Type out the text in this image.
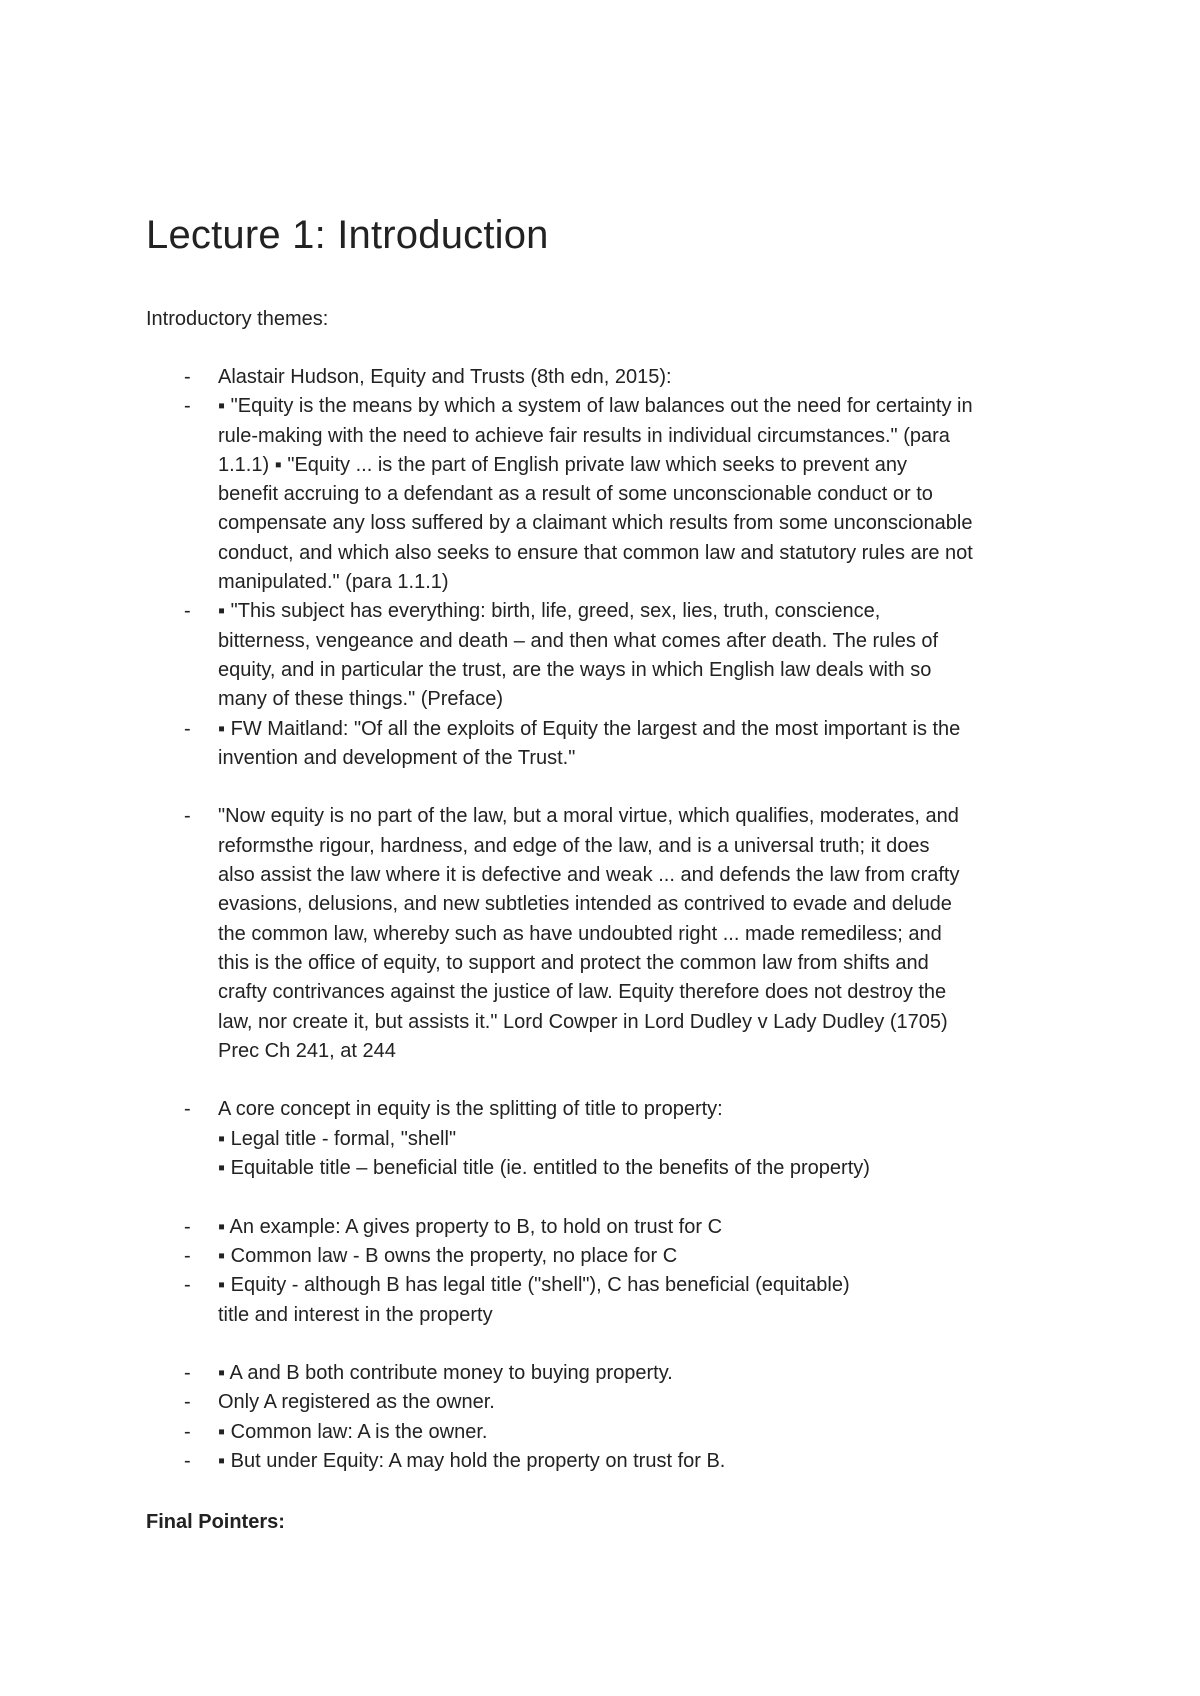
Lecture 1: Introduction

Introductory themes:

- Alastair Hudson, Equity and Trusts (8th edn, 2015):
- ▪ "Equity is the means by which a system of law balances out the need for certainty in
rule-making with the need to achieve fair results in individual circumstances." (para
1.1.1) ▪ "Equity ... is the part of English private law which seeks to prevent any
benefit accruing to a defendant as a result of some unconscionable conduct or to
compensate any loss suffered by a claimant which results from some unconscionable
conduct, and which also seeks to ensure that common law and statutory rules are not
manipulated." (para 1.1.1)
- ▪ "This subject has everything: birth, life, greed, sex, lies, truth, conscience,
bitterness, vengeance and death – and then what comes after death. The rules of
equity, and in particular the trust, are the ways in which English law deals with so
many of these things." (Preface)
- ▪ FW Maitland: "Of all the exploits of Equity the largest and the most important is the
invention and development of the Trust."
- "Now equity is no part of the law, but a moral virtue, which qualifies, moderates, and
reformsthe rigour, hardness, and edge of the law, and is a universal truth; it does
also assist the law where it is defective and weak ... and defends the law from crafty
evasions, delusions, and new subtleties intended as contrived to evade and delude
the common law, whereby such as have undoubted right ... made remediless; and
this is the office of equity, to support and protect the common law from shifts and
crafty contrivances against the justice of law. Equity therefore does not destroy the
law, nor create it, but assists it." Lord Cowper in Lord Dudley v Lady Dudley (1705)
Prec Ch 241, at 244
- A core concept in equity is the splitting of title to property:
▪ Legal title - formal, "shell"
▪ Equitable title – beneficial title (ie. entitled to the benefits of the property)
- ▪ An example: A gives property to B, to hold on trust for C
- ▪ Common law - B owns the property, no place for C
- ▪ Equity - although B has legal title ("shell"), C has beneficial (equitable)
title and interest in the property
- ▪ A and B both contribute money to buying property.
- Only A registered as the owner.
- ▪ Common law: A is the owner.
- ▪ But under Equity: A may hold the property on trust for B.

Final Pointers:
